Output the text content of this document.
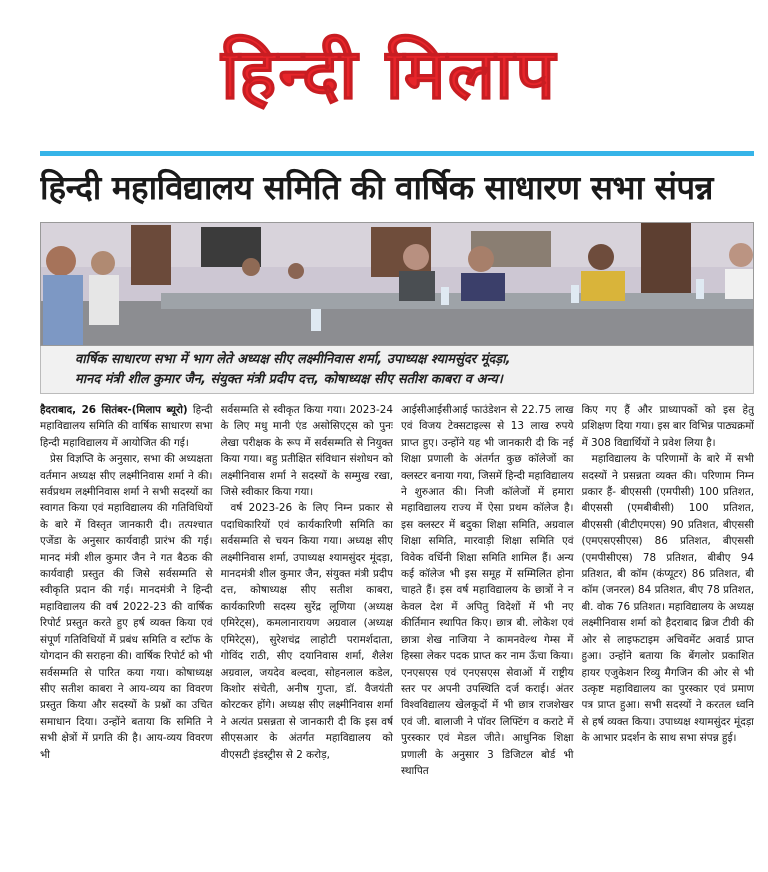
हिन्दी मिलाप
हिन्दी महाविद्यालय समिति की वार्षिक साधारण सभा संपन्न
वार्षिक साधारण सभा में भाग लेते अध्यक्ष सीए लक्ष्मीनिवास शर्मा, उपाध्यक्ष श्यामसुंदर मूंदड़ा,
मानद मंत्री शील कुमार जैन, संयुक्त मंत्री प्रदीप दत्त, कोषाध्यक्ष सीए सतीश काबरा व अन्य।

हैदराबाद, 26 सितंबर-(मिलाप ब्यूरो) हिन्दी महाविद्यालय समिति की वार्षिक साधारण सभा हिन्दी महाविद्यालय में आयोजित की गई।

प्रेस विज्ञप्ति के अनुसार, सभा की अध्यक्षता वर्तमान अध्यक्ष सीए लक्ष्मीनिवास शर्मा ने की। सर्वप्रथम लक्ष्मीनिवास शर्मा ने सभी सदस्यों का स्वागत किया एवं महाविद्यालय की गतिविधियों के बारे में विस्तृत जानकारी दी। तत्पश्चात एजेंडा के अनुसार कार्यवाही प्रारंभ की गई। मानद मंत्री शील कुमार जैन ने गत बैठक की कार्यवाही प्रस्तुत की जिसे सर्वसम्मति से स्वीकृति प्रदान की गई। मानदमंत्री ने हिन्दी महाविद्यालय की वर्ष 2022-23 की वार्षिक रिपोर्ट प्रस्तुत करते हुए हर्ष व्यक्त किया एवं संपूर्ण गतिविधियों में प्रबंध समिति व स्टॉफ के योगदान की सराहना की। वार्षिक रिपोर्ट को भी सर्वसम्मति से पारित कया गया। कोषाध्यक्ष सीए सतीश काबरा ने आय-व्यय का विवरण प्रस्तुत किया और सदस्यों के प्रश्नों का उचित समाधान दिया। उन्होंने बताया कि समिति ने सभी क्षेत्रों में प्रगति की है। आय-व्यय विवरण भी

सर्वसम्मति से स्वीकृत किया गया। 2023-24 के लिए मधु मानी एंड असोसिएट्स को पुनः लेखा परीक्षक के रूप में सर्वसम्मति से नियुक्त किया गया। बहु प्रतीक्षित संविधान संशोधन को लक्ष्मीनिवास शर्मा ने सदस्यों के सम्मुख रखा, जिसे स्वीकार किया गया।

वर्ष 2023-26 के लिए निम्न प्रकार से पदाधिकारियों एवं कार्यकारिणी समिति का सर्वसम्मति से चयन किया गया। अध्यक्ष सीए लक्ष्मीनिवास शर्मा, उपाध्यक्ष श्यामसुंदर मूंदड़ा, मानदमंत्री शील कुमार जैन, संयुक्त मंत्री प्रदीप दत्त, कोषाध्यक्ष सीए सतीश काबरा, कार्यकारिणी सदस्य सुरेंद्र लूणिया (अध्यक्ष एमिरेट्स), कमलानारायण अग्रवाल (अध्यक्ष एमिरेट्स), सुरेशचंद्र लाहोटी परामर्शदाता, गोविंद राठी, सीए दयानिवास शर्मा, शैलेश अग्रवाल, जयदेव बल्दवा, सोहनलाल कडेल, किशोर संचेती, अनीष गुप्ता, डॉ. वैजयंती कोरटकर होंगे। अध्यक्ष सीए लक्ष्मीनिवास शर्मा ने अत्यंत प्रसन्नता से जानकारी दी कि इस वर्ष सीएसआर के अंतर्गत महाविद्यालय को वीएसटी इंडस्ट्रीस से 2 करोड़,

आईसीआईसीआई फाउंडेशन से 22.75 लाख एवं विजय टेक्सटाइल्स से 13 लाख रुपये प्राप्त हुए। उन्होंने यह भी जानकारी दी कि नई शिक्षा प्रणाली के अंतर्गत कुछ कॉलेजों का क्लस्टर बनाया गया, जिसमें हिन्दी महाविद्यालय ने शुरुआत की। निजी कॉलेजों में हमारा महाविद्यालय राज्य में ऐसा प्रथम कॉलेज है। इस क्लस्टर में बदुका शिक्षा समिति, अग्रवाल शिक्षा समिति, मारवाड़ी शिक्षा समिति एवं विवेक वर्धिनी शिक्षा समिति शामिल हैं। अन्य कई कॉलेज भी इस समूह में सम्मिलित होना चाहते हैं। इस वर्ष महाविद्यालय के छात्रों ने न केवल देश में अपितु विदेशों में भी नए कीर्तिमान स्थापित किए। छात्र बी. लोकेश एवं छात्रा शेख नाजिया ने कामनवेल्थ गेम्स में हिस्सा लेकर पदक प्राप्त कर नाम ऊँचा किया। एनएसएस एवं एनएसएस सेवाओं में राष्ट्रीय स्तर पर अपनी उपस्थिति दर्ज कराई। अंतर विश्वविद्यालय खेलकूदों में भी छात्र राजशेखर एवं जी. बालाजी ने पॉवर लिफ्टिंग व कराटे में पुरस्कार एवं मेडल जीते। आधुनिक शिक्षा प्रणाली के अनुसार 3 डिजिटल बोर्ड भी स्थापित

किए गए हैं और प्राध्यापकों को इस हेतु प्रशिक्षण दिया गया। इस बार विभिन्न पाठ्यक्रमों में 308 विद्यार्थियों ने प्रवेश लिया है।

महाविद्यालय के परिणामों के बारे में सभी सदस्यों ने प्रसन्नता व्यक्त की। परिणाम निम्न प्रकार हैं- बीएससी (एमपीसी) 100 प्रतिशत, बीएससी (एमबीबीसी) 100 प्रतिशत, बीएससी (बीटीएमएस) 90 प्रतिशत, बीएससी (एमएसएसीएस) 86 प्रतिशत, बीएससी (एमपीसीएस) 78 प्रतिशत, बीबीए 94 प्रतिशत, बी कॉम (कंप्यूटर) 86 प्रतिशत, बी कॉम (जनरल) 84 प्रतिशत, बीए 78 प्रतिशत, बी. वोक 76 प्रतिशत। महाविद्यालय के अध्यक्ष लक्ष्मीनिवास शर्मा को हैदराबाद ब्रिज टीवी की ओर से लाइफटाइम अचिवमेंट अवार्ड प्राप्त हुआ। उन्होंने बताया कि बेंगलोर प्रकाशित हायर एजुकेशन रिव्यु मैगजिन की ओर से भी उत्कृष्ट महाविद्यालय का पुरस्कार एवं प्रमाण पत्र प्राप्त हुआ। सभी सदस्यों ने करतल ध्वनि से हर्ष व्यक्त किया। उपाध्यक्ष श्यामसुंदर मूंदड़ा के आभार प्रदर्शन के साथ सभा संपन्न हुई।
